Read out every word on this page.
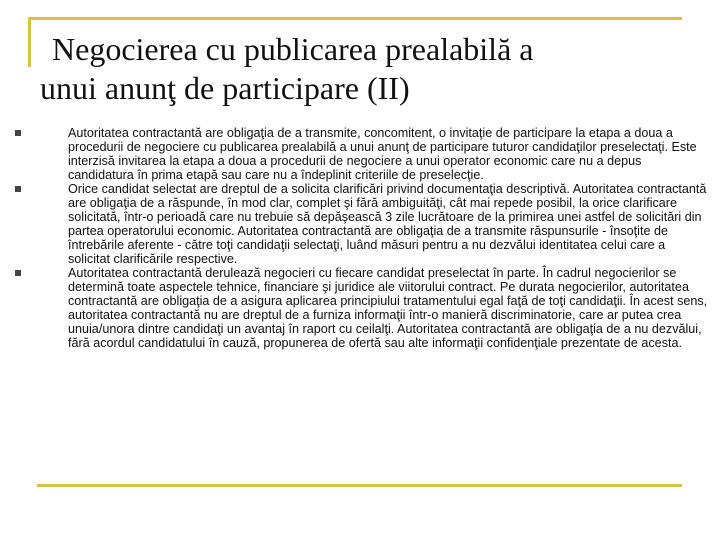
Negocierea cu publicarea prealabilă a
unui anunţ de participare (II)
Autoritatea contractantă are obligaţia de a transmite, concomitent, o invitaţie de participare la etapa a doua a procedurii de negociere cu publicarea prealabilă a unui anunţ de participare tuturor candidaţilor preselectaţi. Este interzisă invitarea la etapa a doua a procedurii de negociere a unui operator economic care nu a depus candidatura în prima etapă sau care nu a îndeplinit criteriile de preselecţie.
Orice candidat selectat are dreptul de a solicita clarificări privind documentaţia descriptivă. Autoritatea contractantă are obligaţia de a răspunde, în mod clar, complet şi fără ambiguităţi, cât mai repede posibil, la orice clarificare solicitată, într-o perioadă care nu trebuie să depăşească 3 zile lucrătoare de la primirea unei astfel de solicitări din partea operatorului economic. Autoritatea contractantă are obligaţia de a transmite răspunsurile - însoţite de întrebările aferente - către toţi candidaţii selectaţi, luând măsuri pentru a nu dezvălui identitatea celui care a solicitat clarificările respective.
Autoritatea contractantă derulează negocieri cu fiecare candidat preselectat în parte. În cadrul negocierilor se determină toate aspectele tehnice, financiare şi juridice ale viitorului contract. Pe durata negocierilor, autoritatea contractantă are obligaţia de a asigura aplicarea principiului tratamentului egal faţă de toţi candidaţii. În acest sens, autoritatea contractantă nu are dreptul de a furniza informaţii într-o manieră discriminatorie, care ar putea crea unuia/unora dintre candidaţi un avantaj în raport cu ceilalţi. Autoritatea contractantă are obligaţia de a nu dezvălui, fără acordul candidatului în cauză, propunerea de ofertă sau alte informaţii confidenţiale prezentate de acesta.
